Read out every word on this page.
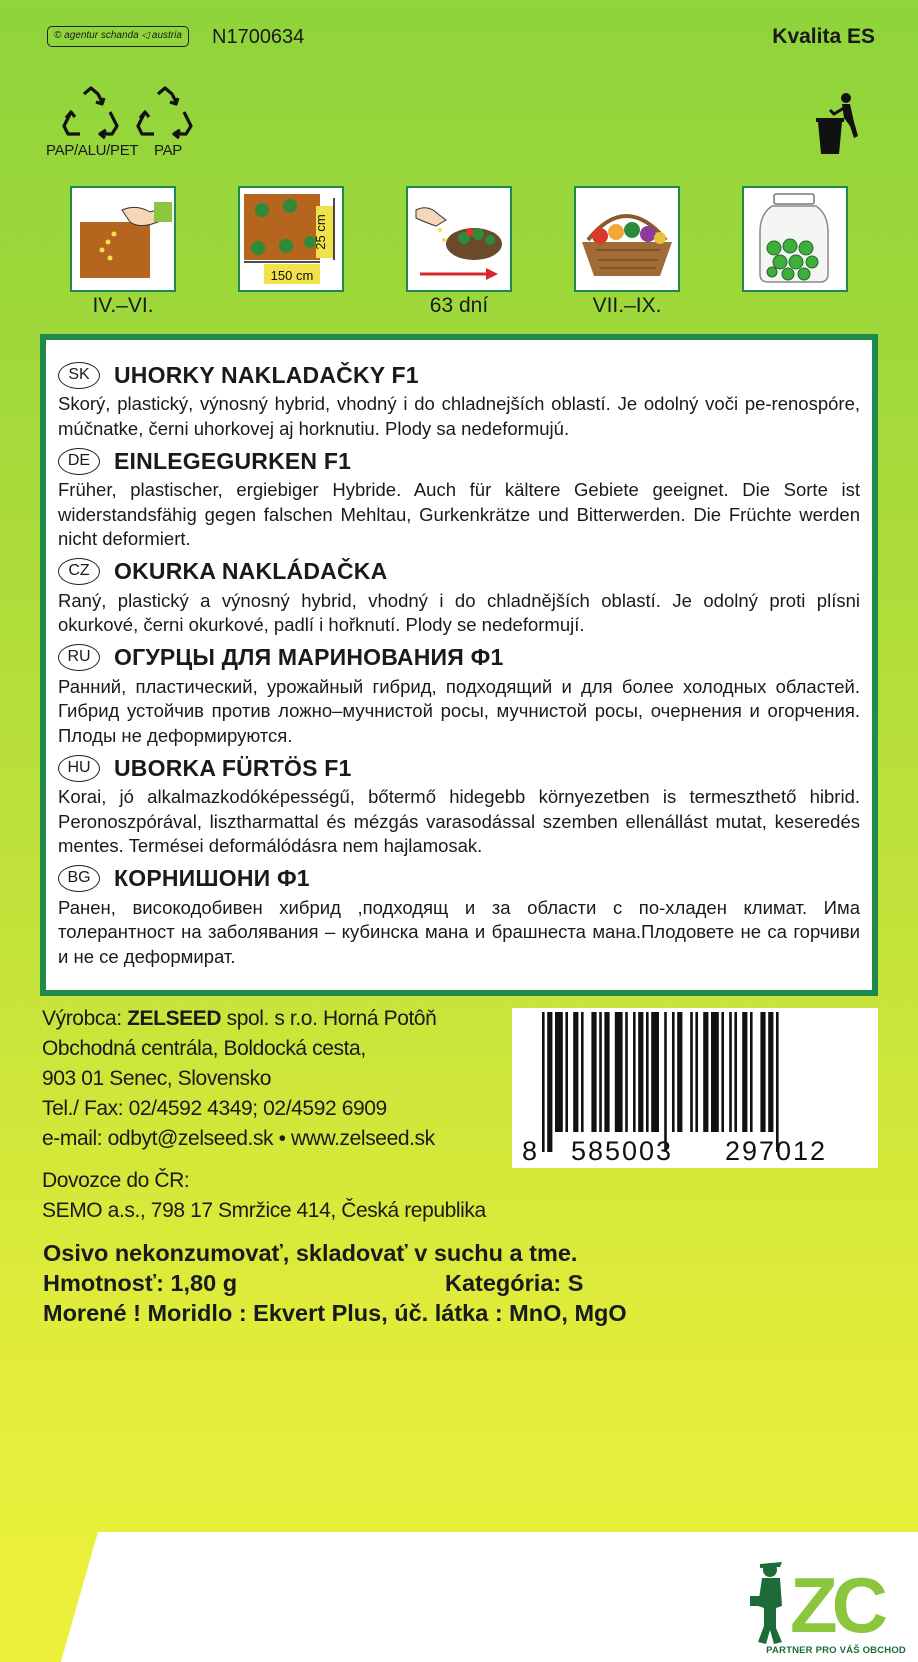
© agentur schanda ◁ austria	N1700634	Kvalita ES
PAP/ALU/PET PAP
IV.–VI.
150 cm
25 cm
63 dní	VII.–IX.
SK	UHORKY NAKLADAČKY F1
Skorý, plastický, výnosný hybrid, vhodný i do chladnejších oblastí. Je odolný voči pe-renospóre, múčnatke, černi uhorkovej aj horknutiu. Plody sa nedeformujú.
DE	EINLEGEGURKEN F1
Früher, plastischer, ergiebiger Hybride. Auch für kältere Gebiete geeignet. Die Sorte ist widerstandsfähig gegen falschen Mehltau, Gurkenkrätze und Bitterwerden. Die Früchte werden nicht deformiert.
CZ	OKURKA NAKLÁDAČKA
Raný, plastický a výnosný hybrid, vhodný i do chladnějších oblastí. Je odolný proti plísni okurkové, černi okurkové, padlí i hořknutí. Plody se nedeformují.
RU	ОГУРЦЫ ДЛЯ МАРИНОВАНИЯ Ф1
Ранний, пластический, урожайный гибрид, подходящий и для более холодных областей. Гибрид устойчив против ложно–мучнистой росы, мучнистой росы, очернения и огорчения. Плоды не деформируются.
HU	UBORKA FÜRTÖS F1
Korai, jó alkalmazkodóképességű, bőtermő hidegebb környezetben is termeszthető hibrid. Peronoszpórával, lisztharmattal és mézgás varasodással szemben ellenállást mutat, keseredés mentes. Termései deformálódásra nem hajlamosak.
BG	КОРНИШОНИ Ф1
Ранен, високодобивен хибрид ,подходящ и за области с по-хладен климат. Има толерантност на заболявания – кубинска мана и брашнеста мана.Плодовете не са горчиви и не се деформират.
Výrobca: ZELSEED spol. s r.o. Horná Potôň
Obchodná centrála, Boldocká cesta,
903 01 Senec, Slovensko
Tel./ Fax: 02/4592 4349; 02/4592 6909
e-mail: odbyt@zelseed.sk • www.zelseed.sk
Dovozce do ČR:
SEMO a.s., 798 17 Smržice 414, Česká republika
8 585003 297012
Osivo nekonzumovať, skladovať v suchu a tme.
Hmotnosť: 1,80 g	Kategória: S
Morené ! Moridlo : Ekvert Plus, úč. látka : MnO, MgO
ZC
PARTNER PRO VÁŠ OBCHOD
